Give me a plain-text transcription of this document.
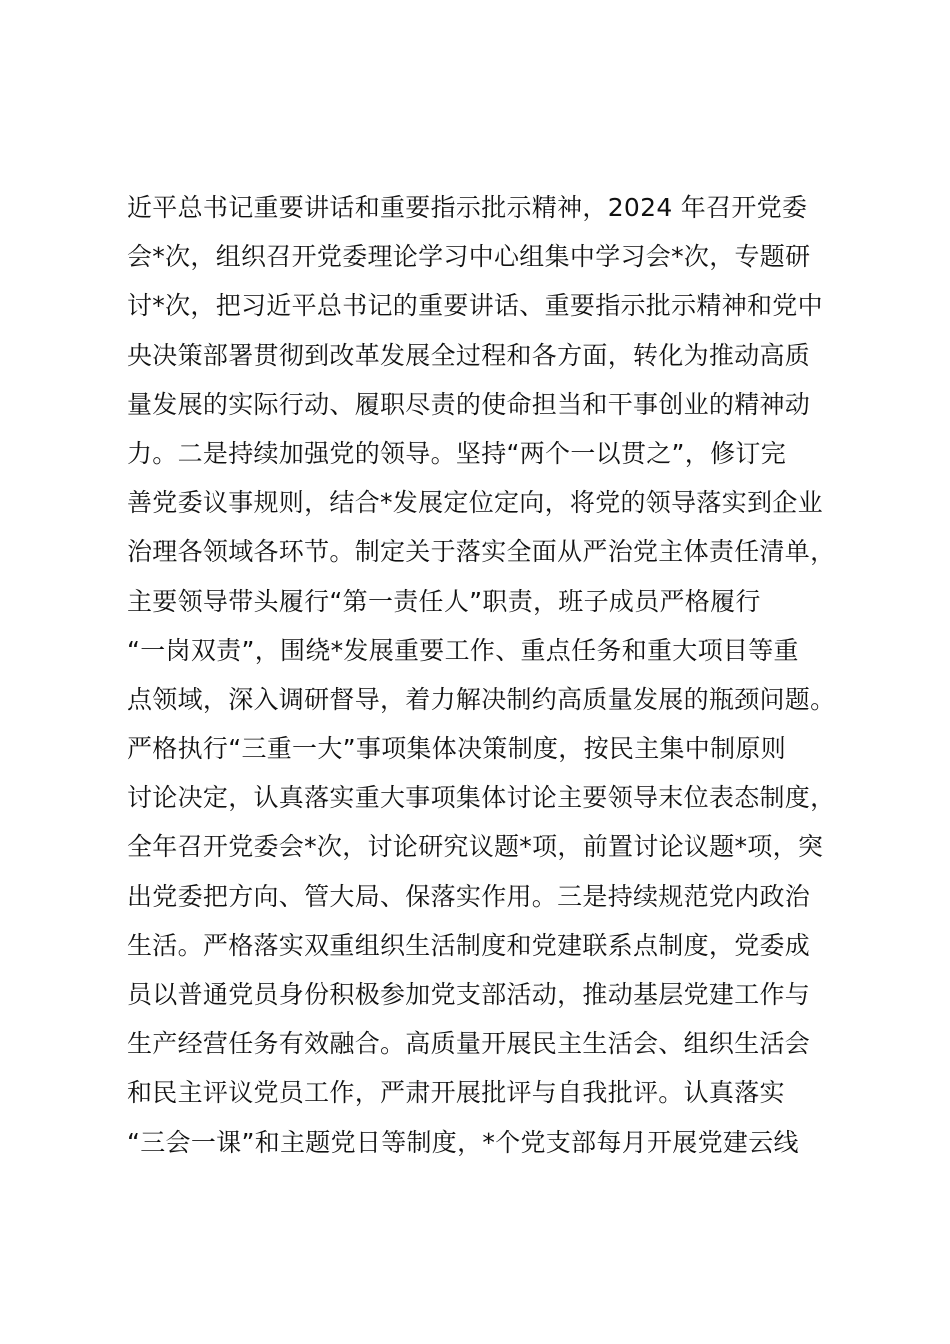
近平总书记重要讲话和重要指示批示精神，2024 年召开党委
会*次，组织召开党委理论学习中心组集中学习会*次，专题研
讨*次，把习近平总书记的重要讲话、重要指示批示精神和党中
央决策部署贯彻到改革发展全过程和各方面，转化为推动高质
量发展的实际行动、履职尽责的使命担当和干事创业的精神动
力。二是持续加强党的领导。坚持“两个一以贯之”，修订完
善党委议事规则，结合*发展定位定向，将党的领导落实到企业
治理各领域各环节。制定关于落实全面从严治党主体责任清单，
主要领导带头履行“第一责任人”职责，班子成员严格履行
“一岗双责”，围绕*发展重要工作、重点任务和重大项目等重
点领域，深入调研督导，着力解决制约高质量发展的瓶颈问题。
严格执行“三重一大”事项集体决策制度，按民主集中制原则
讨论决定，认真落实重大事项集体讨论主要领导末位表态制度，
全年召开党委会*次，讨论研究议题*项，前置讨论议题*项，突
出党委把方向、管大局、保落实作用。三是持续规范党内政治
生活。严格落实双重组织生活制度和党建联系点制度，党委成
员以普通党员身份积极参加党支部活动，推动基层党建工作与
生产经营任务有效融合。高质量开展民主生活会、组织生活会
和民主评议党员工作，严肃开展批评与自我批评。认真落实
“三会一课”和主题党日等制度，*个党支部每月开展党建云线
